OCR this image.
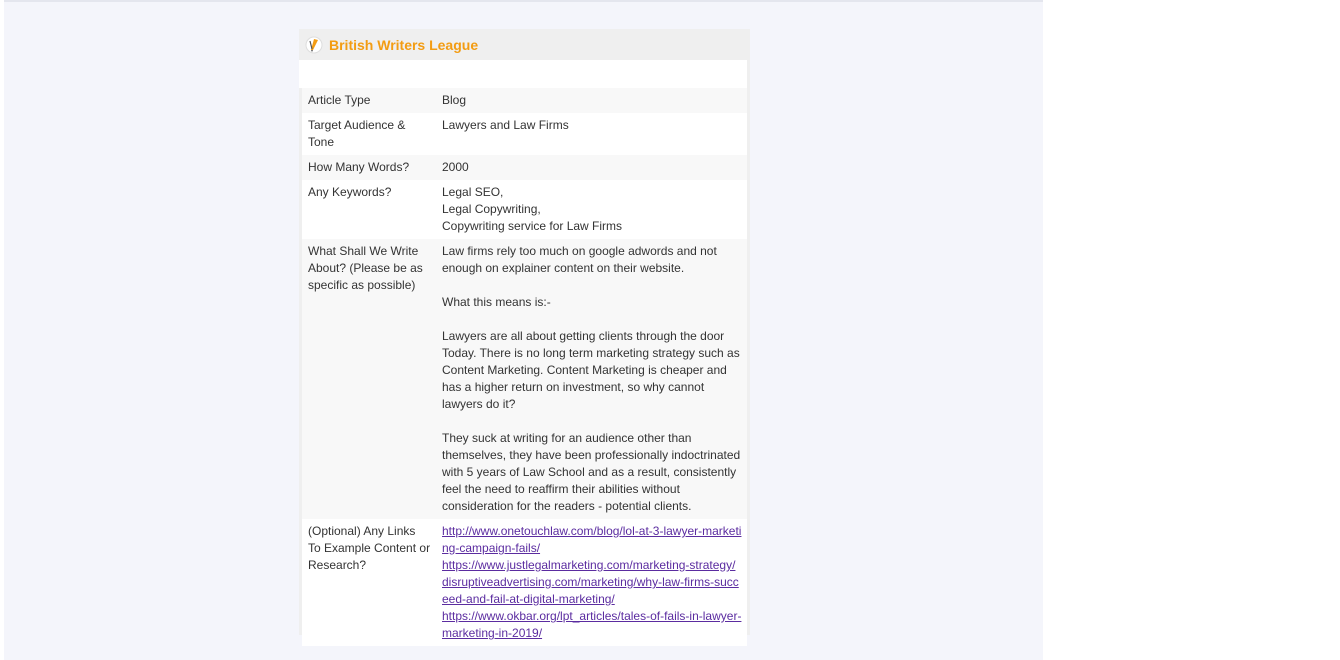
British Writers League
Article Type	Blog
Target Audience & Tone	Lawyers and Law Firms
How Many Words?	2000
Any Keywords?	Legal SEO,
Legal Copywriting,
Copywriting service for Law Firms

What Shall We Write About? (Please be as specific as possible)	Law firms rely too much on google adwords and not enough on explainer content on their website.
What this means is:-
Lawyers are all about getting clients through the door Today. There is no long term marketing strategy such as Content Marketing. Content Marketing is cheaper and has a higher return on investment, so why cannot lawyers do it?
They suck at writing for an audience other than themselves, they have been professionally indoctrinated with 5 years of Law School and as a result, consistently feel the need to reaffirm their abilities without consideration for the readers - potential clients.

(Optional) Any Links To Example Content or Research?	http://www.onetouchlaw.com/blog/lol-at-3-lawyer-marketing-campaign-fails/
https://www.justlegalmarketing.com/marketing-strategy/disruptiveadvertising.com/marketing/why-law-firms-succeed-and-fail-at-digital-marketing/
https://www.okbar.org/lpt_articles/tales-of-fails-in-lawyer-marketing-in-2019/
